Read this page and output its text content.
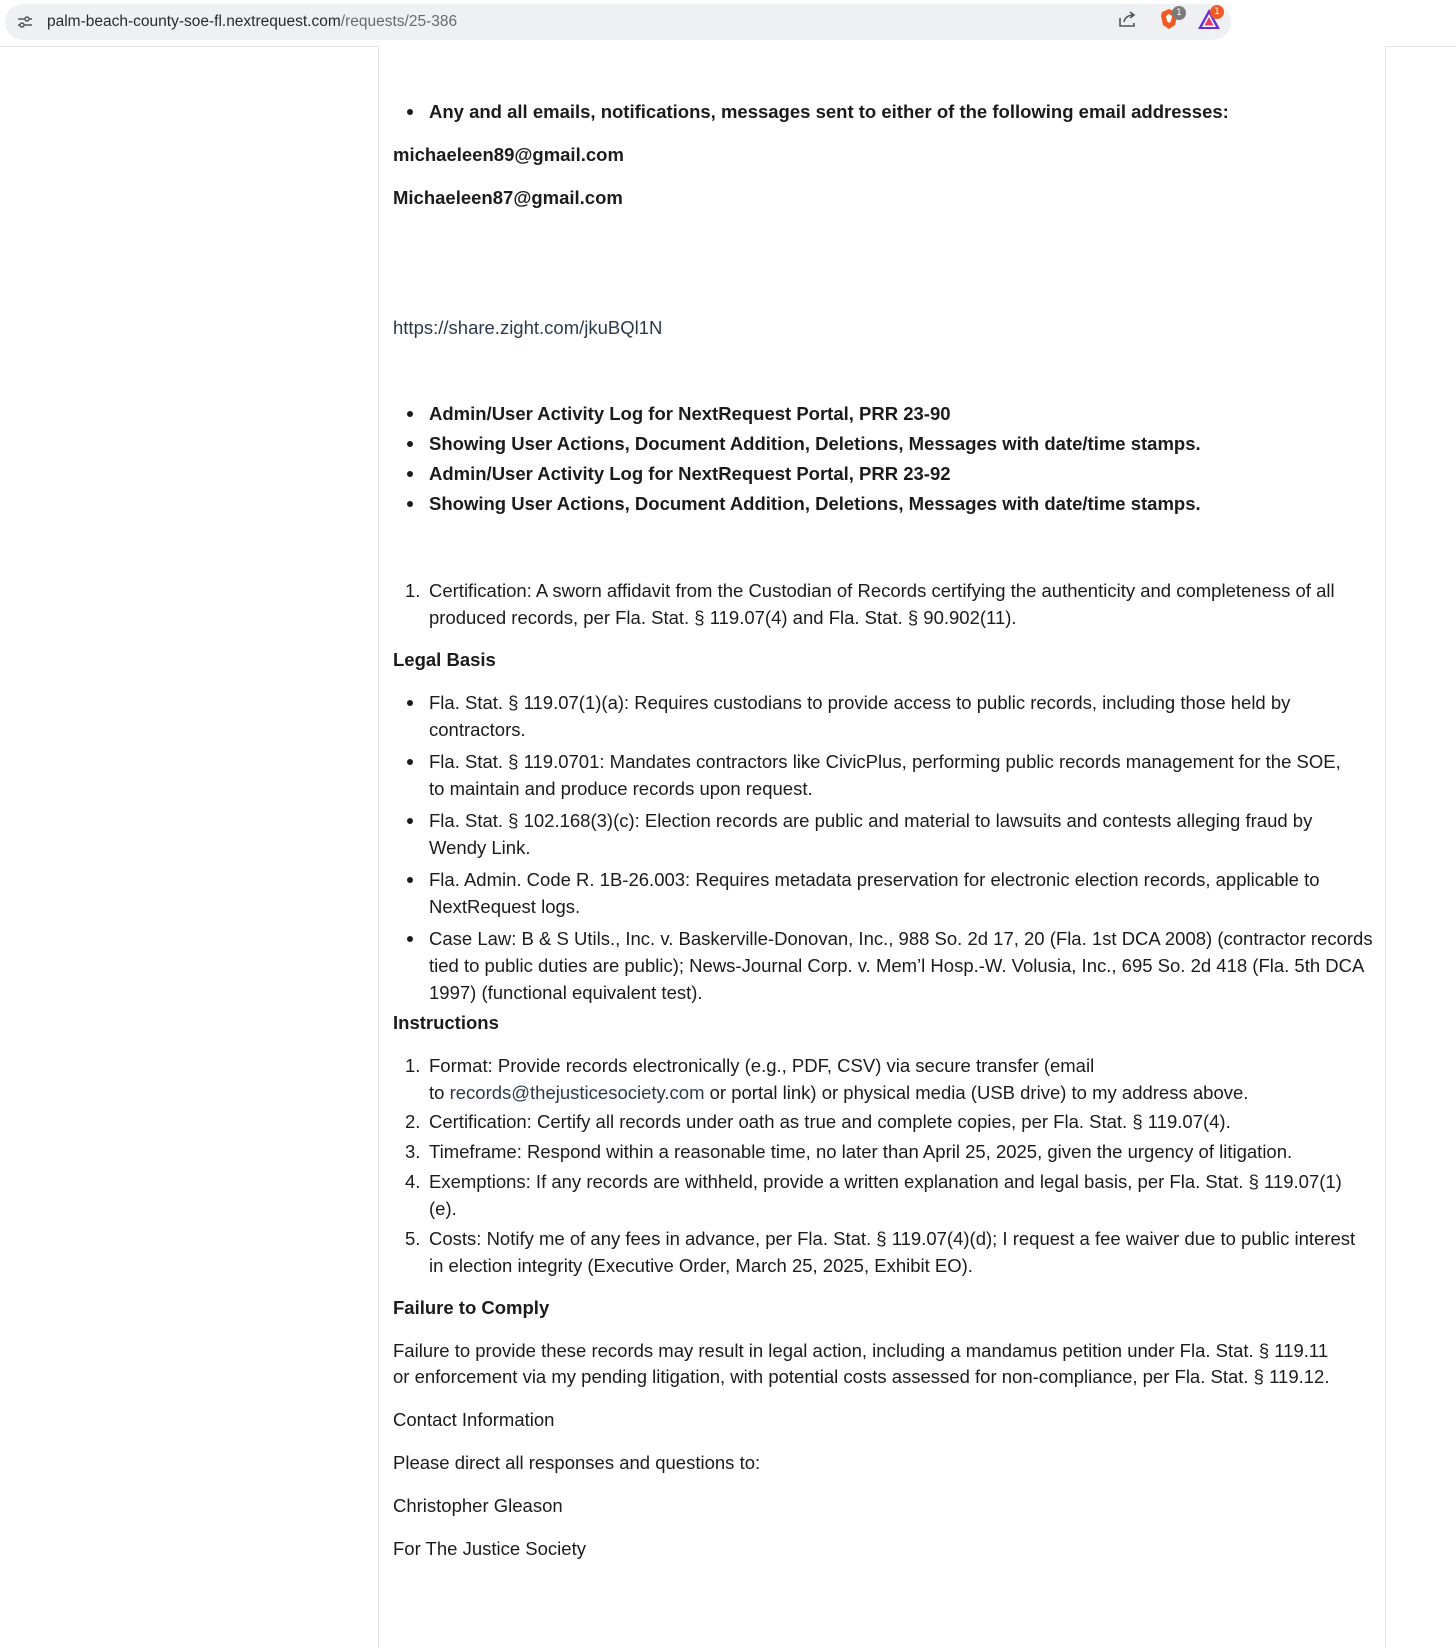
palm-beach-county-soe-fl.nextrequest.com/requests/25-386	1	1
Any and all emails, notifications, messages sent to either of the following email addresses:

michaeleen89@gmail.com

Michaeleen87@gmail.com

https://share.zight.com/jkuBQl1N

Admin/User Activity Log for NextRequest Portal, PRR 23-90
Showing User Actions, Document Addition, Deletions, Messages with date/time stamps.
Admin/User Activity Log for NextRequest Portal, PRR 23-92
Showing User Actions, Document Addition, Deletions, Messages with date/time stamps.
1. Certification: A sworn affidavit from the Custodian of Records certifying the authenticity and completeness of all
produced records, per Fla. Stat. § 119.07(4) and Fla. Stat. § 90.902(11).

Legal Basis

Fla. Stat. § 119.07(1)(a): Requires custodians to provide access to public records, including those held by
contractors.
Fla. Stat. § 119.0701: Mandates contractors like CivicPlus, performing public records management for the SOE,
to maintain and produce records upon request.
Fla. Stat. § 102.168(3)(c): Election records are public and material to lawsuits and contests alleging fraud by
Wendy Link.
Fla. Admin. Code R. 1B-26.003: Requires metadata preservation for electronic election records, applicable to
NextRequest logs.
Case Law: B & S Utils., Inc. v. Baskerville-Donovan, Inc., 988 So. 2d 17, 20 (Fla. 1st DCA 2008) (contractor records
tied to public duties are public); News-Journal Corp. v. Mem’l Hosp.-W. Volusia, Inc., 695 So. 2d 418 (Fla. 5th DCA
1997) (functional equivalent test).

Instructions

1. Format: Provide records electronically (e.g., PDF, CSV) via secure transfer (email
to records@thejusticesociety.com or portal link) or physical media (USB drive) to my address above.
2. Certification: Certify all records under oath as true and complete copies, per Fla. Stat. § 119.07(4).
3. Timeframe: Respond within a reasonable time, no later than April 25, 2025, given the urgency of litigation.
4. Exemptions: If any records are withheld, provide a written explanation and legal basis, per Fla. Stat. § 119.07(1)
(e).
5. Costs: Notify me of any fees in advance, per Fla. Stat. § 119.07(4)(d); I request a fee waiver due to public interest
in election integrity (Executive Order, March 25, 2025, Exhibit EO).

Failure to Comply

Failure to provide these records may result in legal action, including a mandamus petition under Fla. Stat. § 119.11

or enforcement via my pending litigation, with potential costs assessed for non-compliance, per Fla. Stat. § 119.12.

Contact Information

Please direct all responses and questions to:

Christopher Gleason

For The Justice Society
